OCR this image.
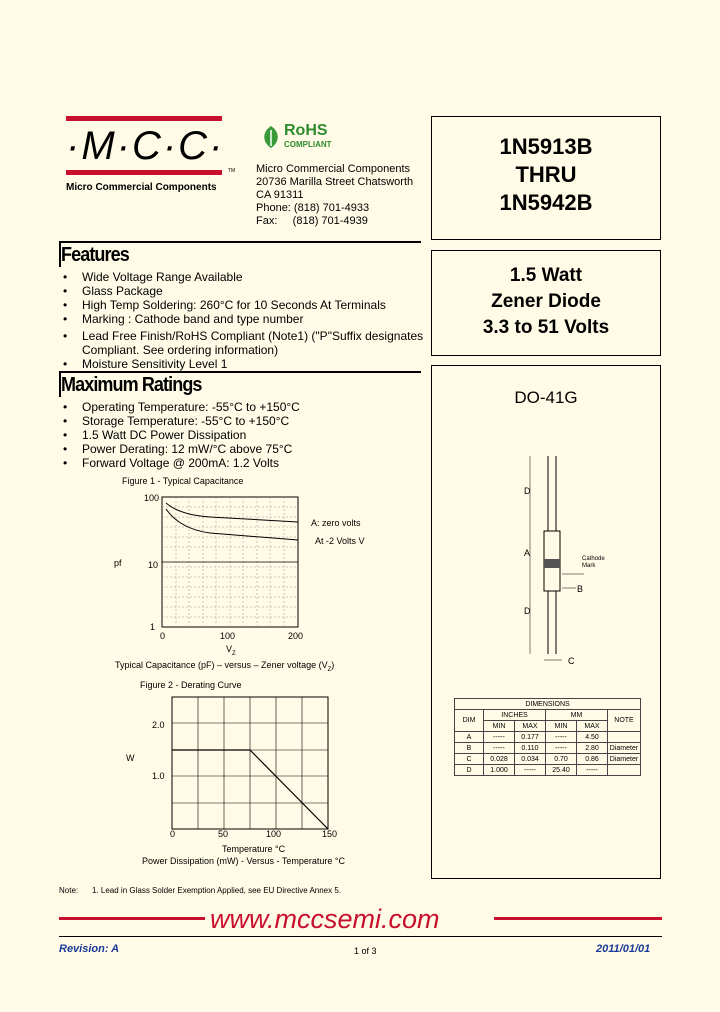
·M·C·C·
TM
Micro Commercial Components
RoHS
COMPLIANT
Micro Commercial Components
20736 Marilla Street Chatsworth
CA 91311
Phone: (818) 701-4933
Fax:     (818) 701-4939
1N5913B
THRU
1N5942B
1.5 Watt
Zener Diode
3.3 to 51 Volts
DO-41G
D
A
D
Cathode
Mark
B
C
DIMENSIONS					
DIM	INCHES		MM		NOTE
	MIN	MAX	MIN	MAX	
A	-----	0.177	-----	4.50	
B	-----	0.110	-----	2.80	Diameter
C	0.028	0.034	0.70	0.86	Diameter
D	1.000	-----	25.40	-----	
Features
• Wide Voltage Range Available
• Glass Package
• High Temp Soldering: 260°C for 10 Seconds At Terminals
• Marking : Cathode band and type number
• Lead Free Finish/RoHS Compliant (Note1) ("P"Suffix designates
Compliant. See ordering information)
• Moisture Sensitivity Level 1
Maximum Ratings
• Operating Temperature: -55°C to +150°C
• Storage Temperature: -55°C to +150°C
• 1.5 Watt DC Power Dissipation
• Power Derating: 12 mW/°C above 75°C
• Forward Voltage @ 200mA: 1.2 Volts
Figure 1 - Typical Capacitance
pf
100
10
1
0	100	200
$V_Z$
A: zero volts
At -2 Volts V
Typical Capacitance (pF) – versus – Zener voltage $(V_Z)$
Figure 2 - Derating Curve
W
2.0
1.0
0	50	100	150
Temperature °C
Power Dissipation (mW) - Versus - Temperature °C
Note: 1. Lead in Glass Solder Exemption Applied, see EU Directive Annex 5.
www.mccsemi.com
Revision: A	1 of 3	2011/01/01
